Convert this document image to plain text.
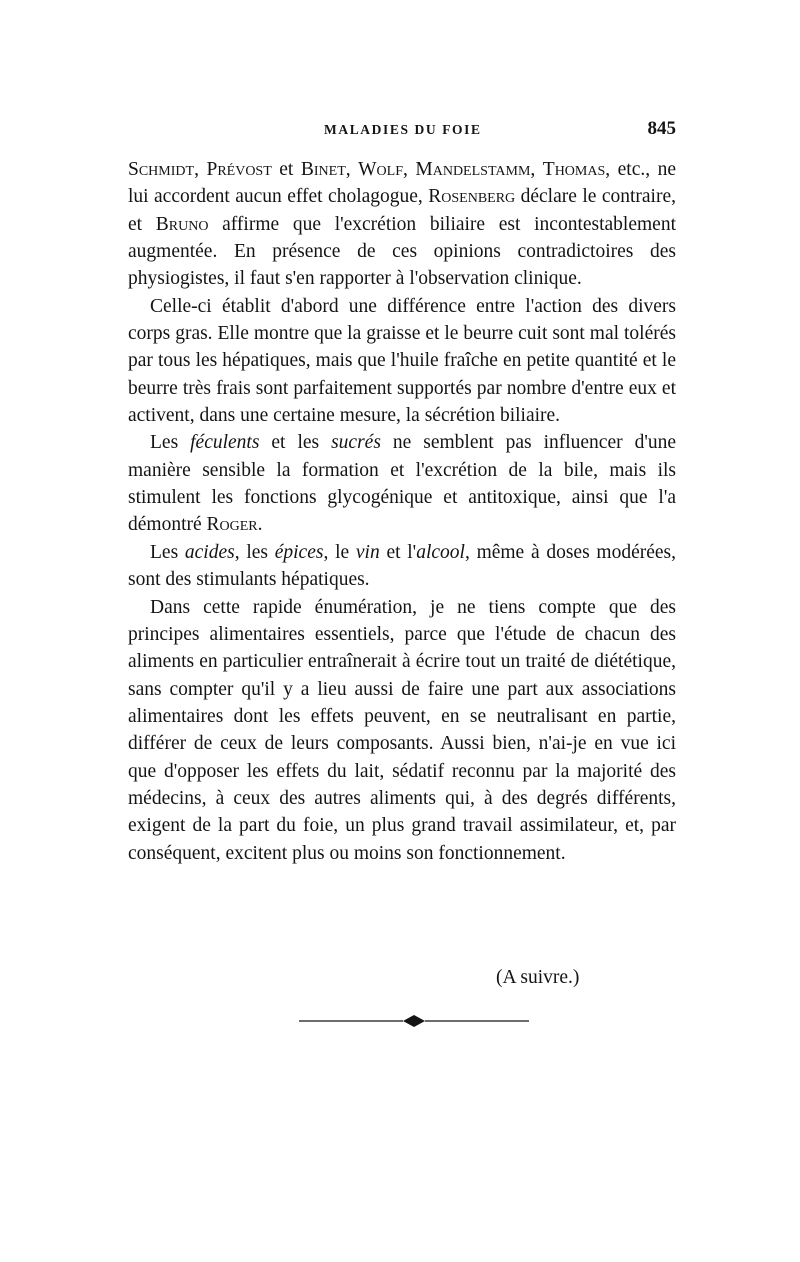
MALADIES DU FOIE	845

Schmidt, Prévost et Binet, Wolf, Mandelstamm, Thomas, etc., ne lui accordent aucun effet cholagogue, Rosenberg déclare le contraire, et Bruno affirme que l'excrétion biliaire est incontestablement augmentée. En présence de ces opinions contradictoires des physiogistes, il faut s'en rapporter à l'observation clinique.

Celle-ci établit d'abord une différence entre l'action des divers corps gras. Elle montre que la graisse et le beurre cuit sont mal tolérés par tous les hépatiques, mais que l'huile fraîche en petite quantité et le beurre très frais sont parfaitement supportés par nombre d'entre eux et activent, dans une certaine mesure, la sécrétion biliaire.

Les féculents et les sucrés ne semblent pas influencer d'une manière sensible la formation et l'excrétion de la bile, mais ils stimulent les fonctions glycogénique et antitoxique, ainsi que l'a démontré Roger.

Les acides, les épices, le vin et l'alcool, même à doses modérées, sont des stimulants hépatiques.

Dans cette rapide énumération, je ne tiens compte que des principes alimentaires essentiels, parce que l'étude de chacun des aliments en particulier entraînerait à écrire tout un traité de diététique, sans compter qu'il y a lieu aussi de faire une part aux associations alimentaires dont les effets peuvent, en se neutralisant en partie, différer de ceux de leurs composants. Aussi bien, n'ai-je en vue ici que d'opposer les effets du lait, sédatif reconnu par la majorité des médecins, à ceux des autres aliments qui, à des degrés différents, exigent de la part du foie, un plus grand travail assimilateur, et, par conséquent, excitent plus ou moins son fonctionnement.

(A suivre.)
